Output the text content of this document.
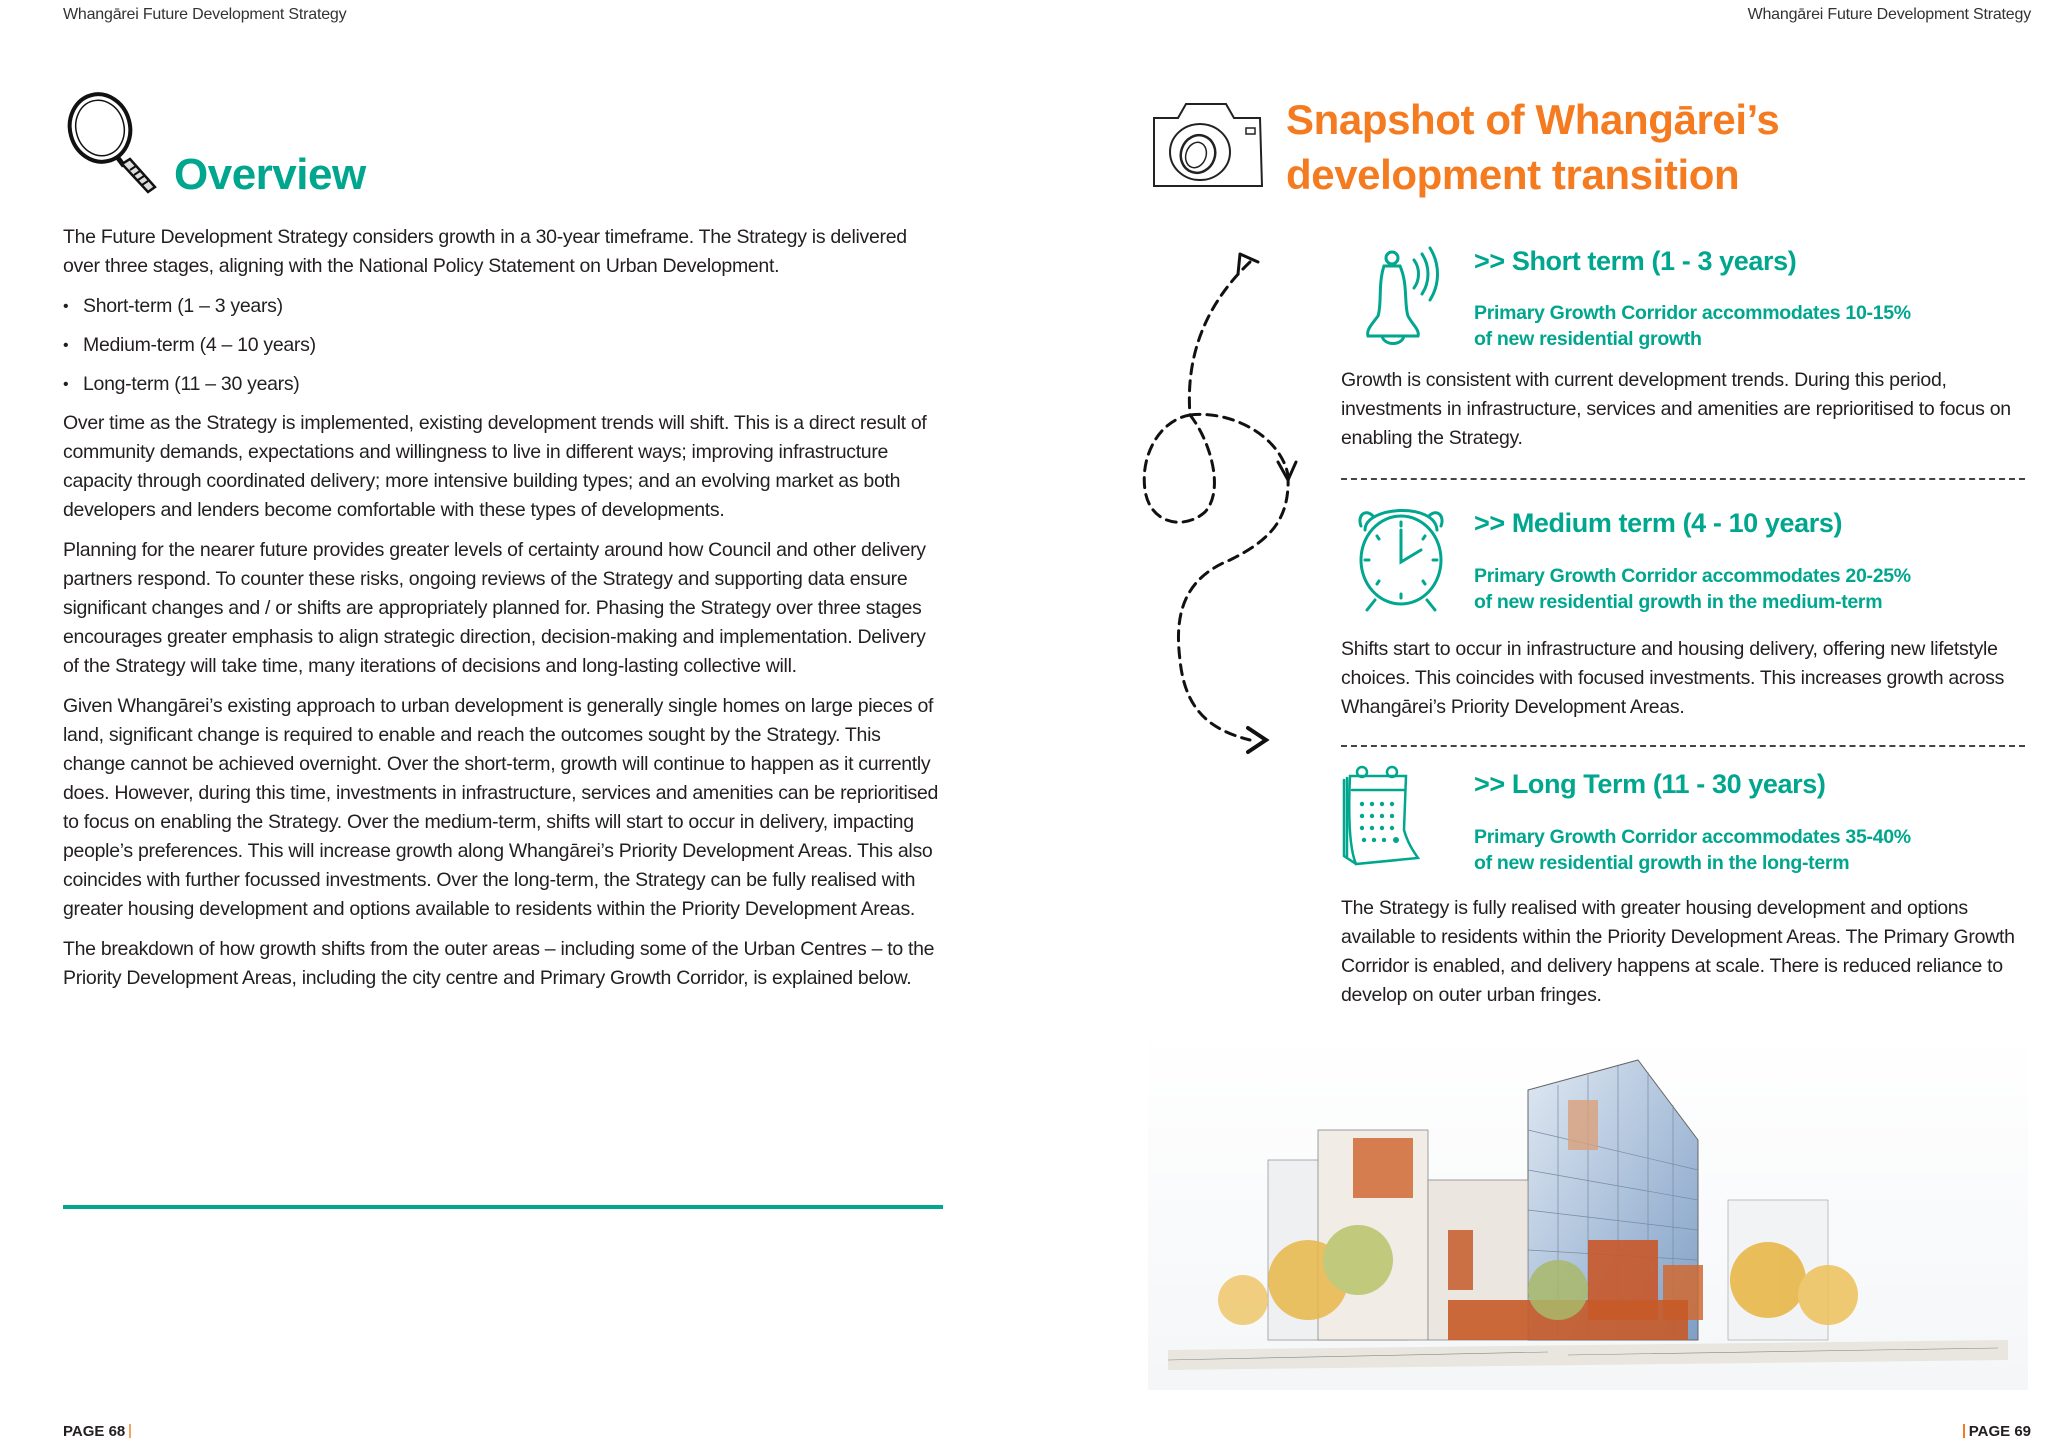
Whangārei Future Development Strategy	Whangārei Future Development Strategy
Overview

The Future Development Strategy considers growth in a 30-year timeframe. The Strategy is delivered over three stages, aligning with the National Policy Statement on Urban Development.

• Short-term (1 – 3 years)
• Medium-term (4 – 10 years)
• Long-term (11 – 30 years)

Over time as the Strategy is implemented, existing development trends will shift. This is a direct result of community demands, expectations and willingness to live in different ways; improving infrastructure capacity through coordinated delivery; more intensive building types; and an evolving market as both developers and lenders become comfortable with these types of developments.

Planning for the nearer future provides greater levels of certainty around how Council and other delivery partners respond. To counter these risks, ongoing reviews of the Strategy and supporting data ensure significant changes and / or shifts are appropriately planned for. Phasing the Strategy over three stages encourages greater emphasis to align strategic direction, decision-making and implementation. Delivery of the Strategy will take time, many iterations of decisions and long-lasting collective will.

Given Whangārei’s existing approach to urban development is generally single homes on large pieces of land, significant change is required to enable and reach the outcomes sought by the Strategy. This change cannot be achieved overnight. Over the short-term, growth will continue to happen as it currently does. However, during this time, investments in infrastructure, services and amenities can be reprioritised to focus on enabling the Strategy. Over the medium-term, shifts will start to occur in delivery, impacting people’s preferences. This will increase growth along Whangārei’s Priority Development Areas. This also coincides with further focussed investments. Over the long-term, the Strategy can be fully realised with greater housing development and options available to residents within the Priority Development Areas.

The breakdown of how growth shifts from the outer areas – including some of the Urban Centres – to the Priority Development Areas, including the city centre and Primary Growth Corridor, is explained below.

PAGE 68
Snapshot of Whangārei’s
development transition
>> Short term (1 - 3 years)
Primary Growth Corridor accommodates 10-15%
of new residential growth
Growth is consistent with current development trends. During this period, investments in infrastructure, services and amenities are reprioritised to focus on enabling the Strategy.
>> Medium term (4 - 10 years)
Primary Growth Corridor accommodates 20-25%
of new residential growth in the medium-term
Shifts start to occur in infrastructure and housing delivery, offering new lifetstyle choices. This coincides with focused investments. This increases growth across Whangārei’s Priority Development Areas.
>> Long Term (11 - 30 years)
Primary Growth Corridor accommodates 35-40%
of new residential growth in the long-term
The Strategy is fully realised with greater housing development and options available to residents within the Priority Development Areas. The Primary Growth Corridor is enabled, and delivery happens at scale. There is reduced reliance to develop on outer urban fringes.
PAGE 69
